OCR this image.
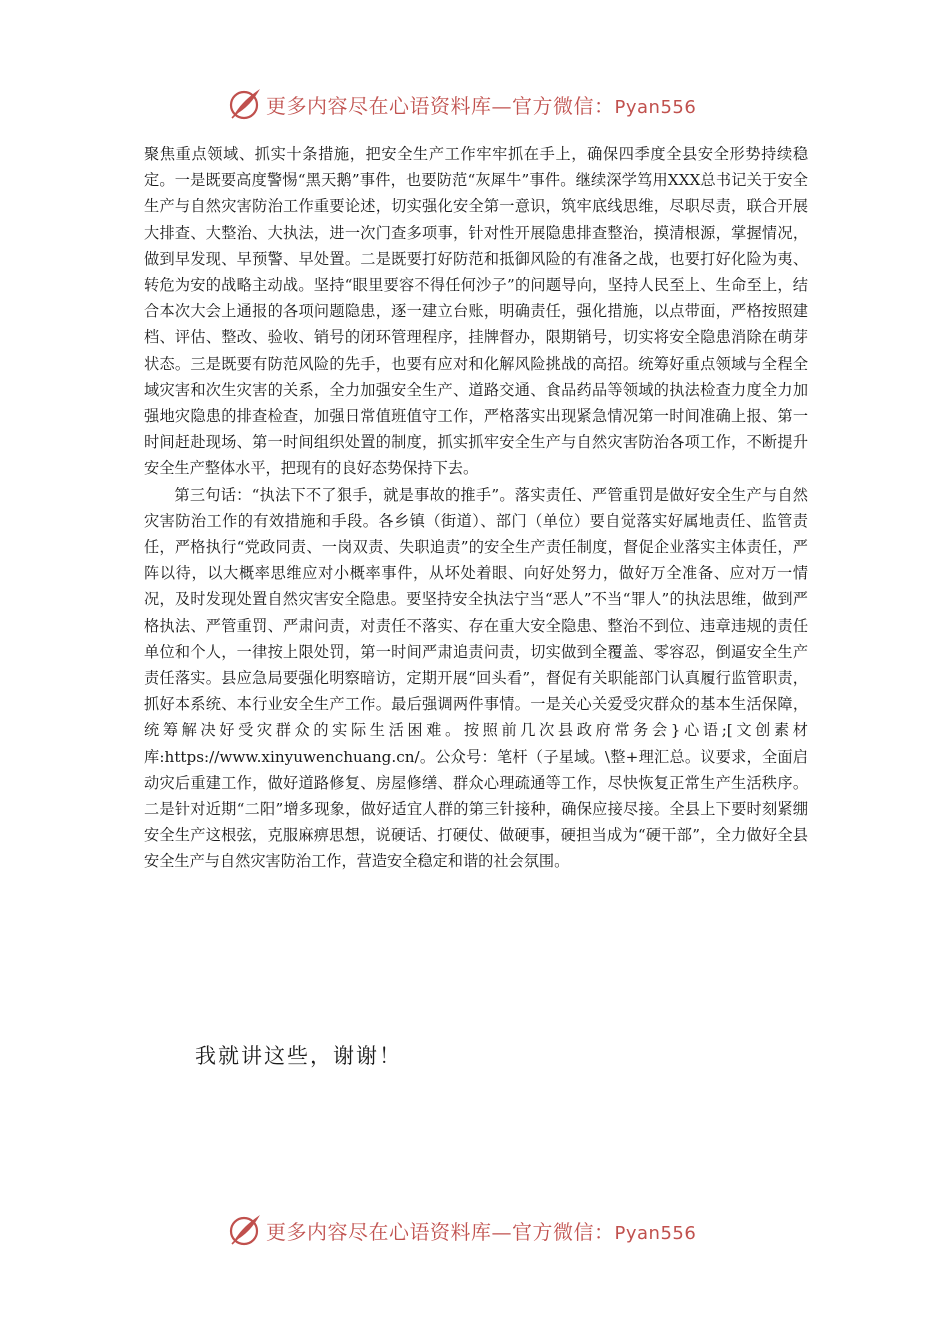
更多内容尽在心语资料库—官方微信：Pyan556

聚焦重点领域、抓实十条措施，把安全生产工作牢牢抓在手上，确保四季度全县安全形势持续稳定。一是既要高度警惕“黑天鹅”事件，也要防范“灰犀牛”事件。继续深学笃用XXX总书记关于安全生产与自然灾害防治工作重要论述，切实强化安全第一意识，筑牢底线思维，尽职尽责，联合开展大排查、大整治、大执法，进一次门查多项事，针对性开展隐患排查整治，摸清根源，掌握情况，做到早发现、早预警、早处置。二是既要打好防范和抵御风险的有准备之战，也要打好化险为夷、转危为安的战略主动战。坚持“眼里要容不得任何沙子”的问题导向，坚持人民至上、生命至上，结合本次大会上通报的各项问题隐患，逐一建立台账，明确责任，强化措施，以点带面，严格按照建档、评估、整改、验收、销号的闭环管理程序，挂牌督办，限期销号，切实将安全隐患消除在萌芽状态。三是既要有防范风险的先手，也要有应对和化解风险挑战的高招。统筹好重点领域与全程全域灾害和次生灾害的关系，全力加强安全生产、道路交通、食品药品等领域的执法检查力度全力加强地灾隐患的排查检查，加强日常值班值守工作，严格落实出现紧急情况第一时间准确上报、第一时间赶赴现场、第一时间组织处置的制度，抓实抓牢安全生产与自然灾害防治各项工作，不断提升安全生产整体水平，把现有的良好态势保持下去。

第三句话：“执法下不了狠手，就是事故的推手”。落实责任、严管重罚是做好安全生产与自然灾害防治工作的有效措施和手段。各乡镇（街道）、部门（单位）要自觉落实好属地责任、监管责任，严格执行“党政同责、一岗双责、失职追责”的安全生产责任制度，督促企业落实主体责任，严阵以待，以大概率思维应对小概率事件，从坏处着眼、向好处努力，做好万全准备、应对万一情况，及时发现处置自然灾害安全隐患。要坚持安全执法宁当“恶人”不当“罪人”的执法思维，做到严格执法、严管重罚、严肃问责，对责任不落实、存在重大安全隐患、整治不到位、违章违规的责任单位和个人，一律按上限处罚，第一时间严肃追责问责，切实做到全覆盖、零容忍，倒逼安全生产责任落实。县应急局要强化明察暗访，定期开展“回头看”，督促有关职能部门认真履行监管职责，抓好本系统、本行业安全生产工作。最后强调两件事情。一是关心关爱受灾群众的基本生活保障，统筹解决好受灾群众的实际生活困难。按照前几次县政府常务会}心语;[文创素材库:https://www.xinyuwenchuang.cn/。公众号：笔杆（子星域。\整+理汇总。议要求，全面启动灾后重建工作，做好道路修复、房屋修缮、群众心理疏通等工作，尽快恢复正常生产生活秩序。二是针对近期“二阳”增多现象，做好适宜人群的第三针接种，确保应接尽接。全县上下要时刻紧绷安全生产这根弦，克服麻痹思想，说硬话、打硬仗、做硬事，硬担当成为“硬干部”，全力做好全县安全生产与自然灾害防治工作，营造安全稳定和谐的社会氛围。

我就讲这些，谢谢！
更多内容尽在心语资料库—官方微信：Pyan556
